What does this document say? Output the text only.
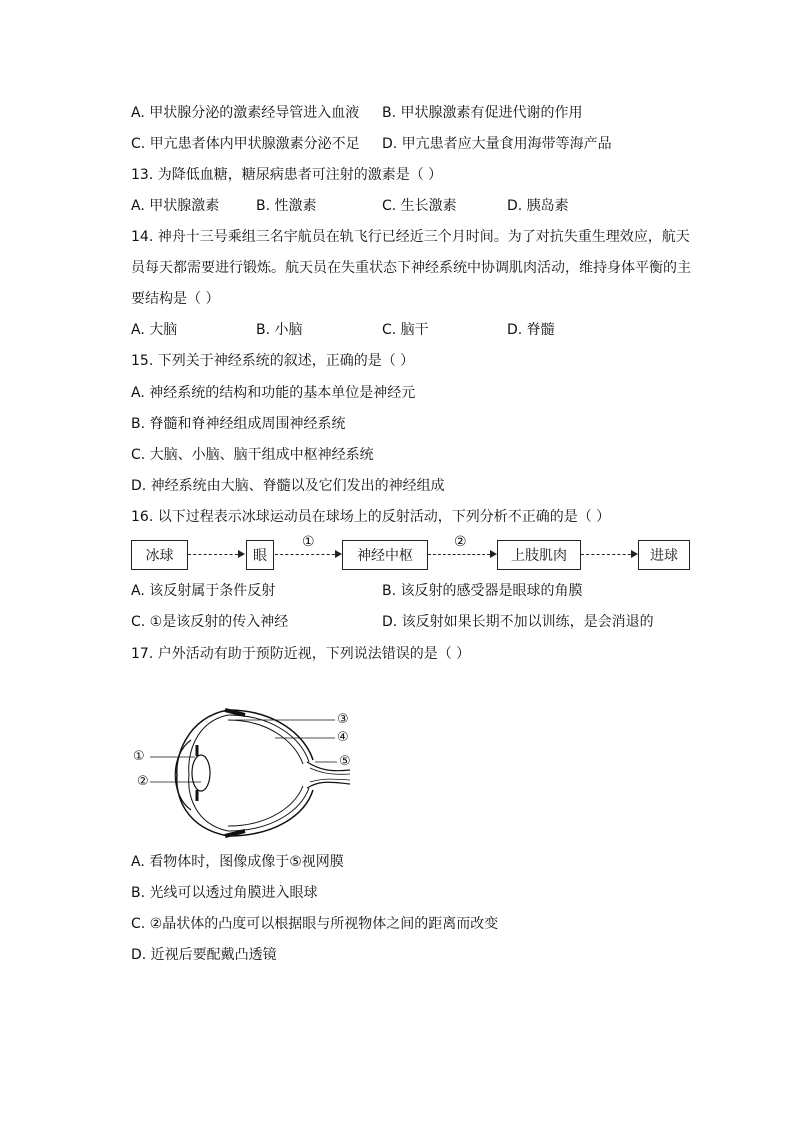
A. 甲状腺分泌的激素经导管进入血液 B. 甲状腺激素有促进代谢的作用
C. 甲亢患者体内甲状腺激素分泌不足 D. 甲亢患者应大量食用海带等海产品
13. 为降低血糖，糖尿病患者可注射的激素是（ ）
A. 甲状腺激素	B. 性激素	C. 生长激素	D. 胰岛素
14. 神舟十三号乘组三名宇航员在轨飞行已经近三个月时间。为了对抗失重生理效应，航天
员每天都需要进行锻炼。航天员在失重状态下神经系统中协调肌肉活动，维持身体平衡的主
要结构是（ ）
A. 大脑	B. 小脑	C. 脑干	D. 脊髓
15. 下列关于神经系统的叙述，正确的是（ ）
A. 神经系统的结构和功能的基本单位是神经元
B. 脊髓和脊神经组成周围神经系统
C. 大脑、小脑、脑干组成中枢神经系统
D. 神经系统由大脑、脊髓以及它们发出的神经组成
16. 以下过程表示冰球运动员在球场上的反射活动，下列分析不正确的是（ ）
冰球	眼
①
神经中枢
②
上肢肌肉	进球
A. 该反射属于条件反射	B. 该反射的感受器是眼球的角膜
C. ①是该反射的传入神经	D. 该反射如果长期不加以训练，是会消退的
17. 户外活动有助于预防近视，下列说法错误的是（ ）
①
②
③
④
⑤
A. 看物体时，图像成像于⑤视网膜
B. 光线可以透过角膜进入眼球
C. ②晶状体的凸度可以根据眼与所视物体之间的距离而改变
D. 近视后要配戴凸透镜
